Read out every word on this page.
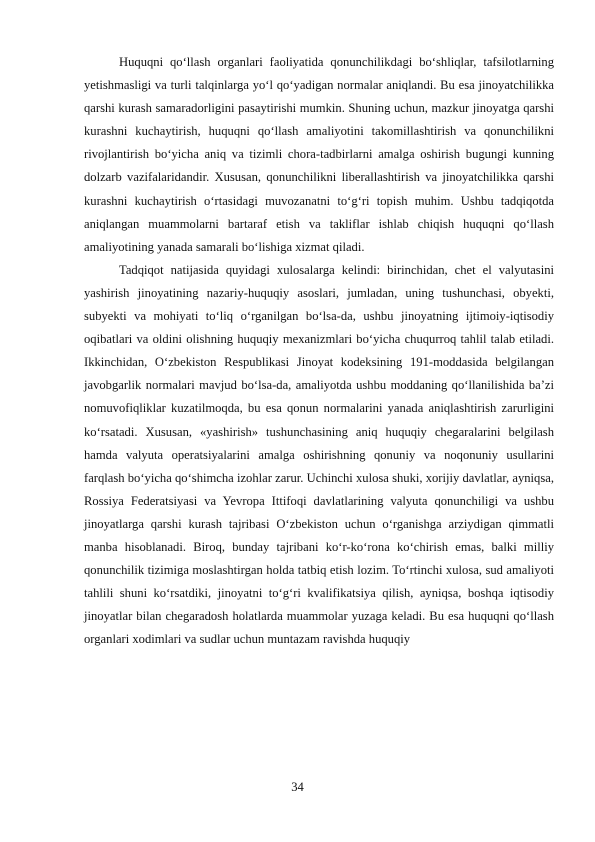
Huquqni qo‘llash organlari faoliyatida qonunchilikdagi bo‘shliqlar, tafsilotlarning yetishmasligi va turli talqinlarga yo‘l qo‘yadigan normalar aniqlandi. Bu esa jinoyatchilikka qarshi kurash samaradorligini pasaytirishi mumkin. Shuning uchun, mazkur jinoyatga qarshi kurashni kuchaytirish, huquqni qo‘llash amaliyotini takomillashtirish va qonunchilikni rivojlantirish bo‘yicha aniq va tizimli chora-tadbirlarni amalga oshirish bugungi kunning dolzarb vazifalaridandir. Xususan, qonunchilikni liberallashtirish va jinoyatchilikka qarshi kurashni kuchaytirish o‘rtasidagi muvozanatni to‘g‘ri topish muhim. Ushbu tadqiqotda aniqlangan muammolarni bartaraf etish va takliflar ishlab chiqish huquqni qo‘llash amaliyotining yanada samarali bo‘lishiga xizmat qiladi.

Tadqiqot natijasida quyidagi xulosalarga kelindi: birinchidan, chet el valyutasini yashirish jinoyatining nazariy-huquqiy asoslari, jumladan, uning tushunchasi, obyekti, subyekti va mohiyati to‘liq o‘rganilgan bo‘lsa-da, ushbu jinoyatning ijtimoiy-iqtisodiy oqibatlari va oldini olishning huquqiy mexanizmlari bo‘yicha chuqurroq tahlil talab etiladi. Ikkinchidan, O‘zbekiston Respublikasi Jinoyat kodeksining 191-moddasida belgilangan javobgarlik normalari mavjud bo‘lsa-da, amaliyotda ushbu moddaning qo‘llanilishida ba’zi nomuvofiqliklar kuzatilmoqda, bu esa qonun normalarini yanada aniqlashtirish zarurligini ko‘rsatadi. Xususan, «yashirish» tushunchasining aniq huquqiy chegaralarini belgilash hamda valyuta operatsiyalarini amalga oshirishning qonuniy va noqonuniy usullarini farqlash bo‘yicha qo‘shimcha izohlar zarur. Uchinchi xulosa shuki, xorijiy davlatlar, ayniqsa, Rossiya Federatsiyasi va Yevropa Ittifoqi davlatlarining valyuta qonunchiligi va ushbu jinoyatlarga qarshi kurash tajribasi O‘zbekiston uchun o‘rganishga arziydigan qimmatli manba hisoblanadi. Biroq, bunday tajribani ko‘r-ko‘rona ko‘chirish emas, balki milliy qonunchilik tizimiga moslashtirgan holda tatbiq etish lozim. To‘rtinchi xulosa, sud amaliyoti tahlili shuni ko‘rsatdiki, jinoyatni to‘g‘ri kvalifikatsiya qilish, ayniqsa, boshqa iqtisodiy jinoyatlar bilan chegaradosh holatlarda muammolar yuzaga keladi. Bu esa huquqni qo‘llash organlari xodimlari va sudlar uchun muntazam ravishda huquqiy

34
